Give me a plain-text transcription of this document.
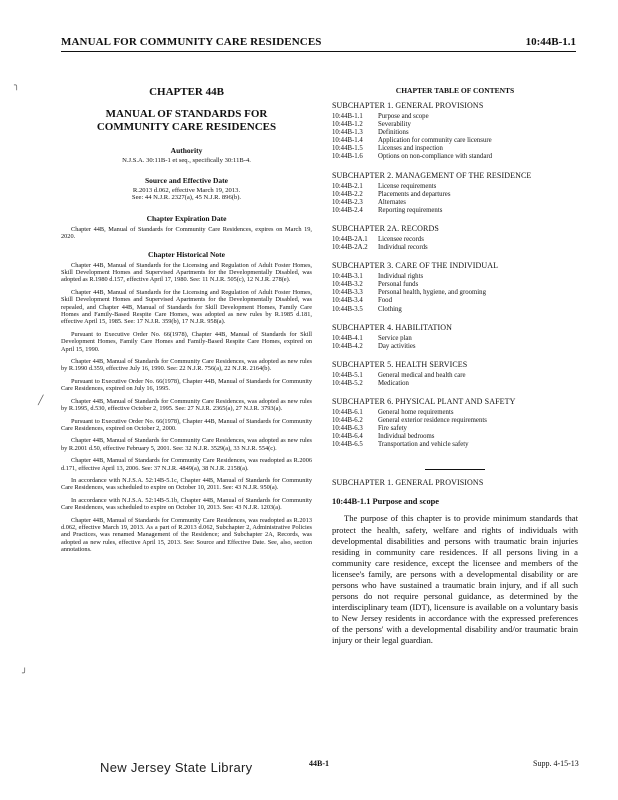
MANUAL FOR COMMUNITY CARE RESIDENCES	10:44B-1.1
╮
╱
╯
CHAPTER 44B
MANUAL OF STANDARDS FOR
COMMUNITY CARE RESIDENCES
Authority
N.J.S.A. 30:11B-1 et seq., specifically 30:11B-4.
Source and Effective Date
R.2013 d.062, effective March 19, 2013.
See: 44 N.J.R. 2327(a), 45 N.J.R. 896(b).
Chapter Expiration Date

Chapter 44B, Manual of Standards for Community Care Residences, expires on March 19, 2020.

Chapter Historical Note

Chapter 44B, Manual of Standards for the Licensing and Regulation of Adult Foster Homes, Skill Development Homes and Supervised Apartments for the Developmentally Disabled, was adopted as R.1980 d.157, effective April 17, 1980. See: 11 N.J.R. 505(c), 12 N.J.R. 278(e).

Chapter 44B, Manual of Standards for the Licensing and Regulation of Adult Foster Homes, Skill Development Homes and Supervised Apartments for the Developmentally Disabled, was repealed, and Chapter 44B, Manual of Standards for Skill Development Homes, Family Care Homes and Family-Based Respite Care Homes, was adopted as new rules by R.1985 d.181, effective April 15, 1985. See: 17 N.J.R. 359(b), 17 N.J.R. 958(a).

Pursuant to Executive Order No. 66(1978), Chapter 44B, Manual of Standards for Skill Development Homes, Family Care Homes and Family-Based Respite Care Homes, expired on April 15, 1990.

Chapter 44B, Manual of Standards for Community Care Residences, was adopted as new rules by R.1990 d.359, effective July 16, 1990. See: 22 N.J.R. 756(a), 22 N.J.R. 2164(b).

Pursuant to Executive Order No. 66(1978), Chapter 44B, Manual of Standards for Community Care Residences, expired on July 16, 1995.

Chapter 44B, Manual of Standards for Community Care Residences, was adopted as new rules by R.1995, d.530, effective October 2, 1995. See: 27 N.J.R. 2365(a), 27 N.J.R. 3793(a).

Pursuant to Executive Order No. 66(1978), Chapter 44B, Manual of Standards for Community Care Residences, expired on October 2, 2000.

Chapter 44B, Manual of Standards for Community Care Residences, was adopted as new rules by R.2001 d.50, effective February 5, 2001. See: 32 N.J.R. 3529(a), 33 N.J.R. 554(c).

Chapter 44B, Manual of Standards for Community Care Residences, was readopted as R.2006 d.171, effective April 13, 2006. See: 37 N.J.R. 4849(a), 38 N.J.R. 2158(a).

In accordance with N.J.S.A. 52:14B-5.1c, Chapter 44B, Manual of Standards for Community Care Residences, was scheduled to expire on October 10, 2011. See: 43 N.J.R. 950(a).

In accordance with N.J.S.A. 52:14B-5.1b, Chapter 44B, Manual of Standards for Community Care Residences, was scheduled to expire on October 10, 2013. See: 43 N.J.R. 1203(a).

Chapter 44B, Manual of Standards for Community Care Residences, was readopted as R.2013 d.062, effective March 19, 2013. As a part of R.2013 d.062, Subchapter 2, Administrative Policies and Practices, was renamed Management of the Residence; and Subchapter 2A, Records, was adopted as new rules, effective April 15, 2013. See: Source and Effective Date. See, also, section annotations.

CHAPTER TABLE OF CONTENTS
SUBCHAPTER 1. GENERAL PROVISIONS
10:44B-1.1	Purpose and scope
10:44B-1.2	Severability
10:44B-1.3	Definitions
10:44B-1.4	Application for community care licensure
10:44B-1.5	Licenses and inspection
10:44B-1.6	Options on non-compliance with standard
SUBCHAPTER 2. MANAGEMENT OF THE RESIDENCE
10:44B-2.1	License requirements
10:44B-2.2	Placements and departures
10:44B-2.3	Alternates
10:44B-2.4	Reporting requirements
SUBCHAPTER 2A. RECORDS
10:44B-2A.1	Licensee records
10:44B-2A.2	Individual records
SUBCHAPTER 3. CARE OF THE INDIVIDUAL
10:44B-3.1	Individual rights
10:44B-3.2	Personal funds
10:44B-3.3	Personal health, hygiene, and grooming
10:44B-3.4	Food
10:44B-3.5	Clothing
SUBCHAPTER 4. HABILITATION
10:44B-4.1	Service plan
10:44B-4.2	Day activities
SUBCHAPTER 5. HEALTH SERVICES
10:44B-5.1	General medical and health care
10:44B-5.2	Medication
SUBCHAPTER 6. PHYSICAL PLANT AND SAFETY
10:44B-6.1	General home requirements
10:44B-6.2	General exterior residence requirements
10:44B-6.3	Fire safety
10:44B-6.4	Individual bedrooms
10:44B-6.5	Transportation and vehicle safety
SUBCHAPTER 1. GENERAL PROVISIONS
10:44B-1.1 Purpose and scope
The purpose of this chapter is to provide minimum standards that protect the health, safety, welfare and rights of individuals with developmental disabilities and persons with traumatic brain injuries residing in community care residences. If all persons living in a community care residence, except the licensee and members of the licensee's family, are persons with a developmental disability or are persons who have sustained a traumatic brain injury, and if all such persons do not require personal guidance, as determined by the interdisciplinary team (IDT), licensure is available on a voluntary basis to New Jersey residents in accordance with the expressed preferences of the persons' with a developmental disability and/or traumatic brain injury or their legal guardian.
New Jersey State Library	44B-1	Supp. 4-15-13
